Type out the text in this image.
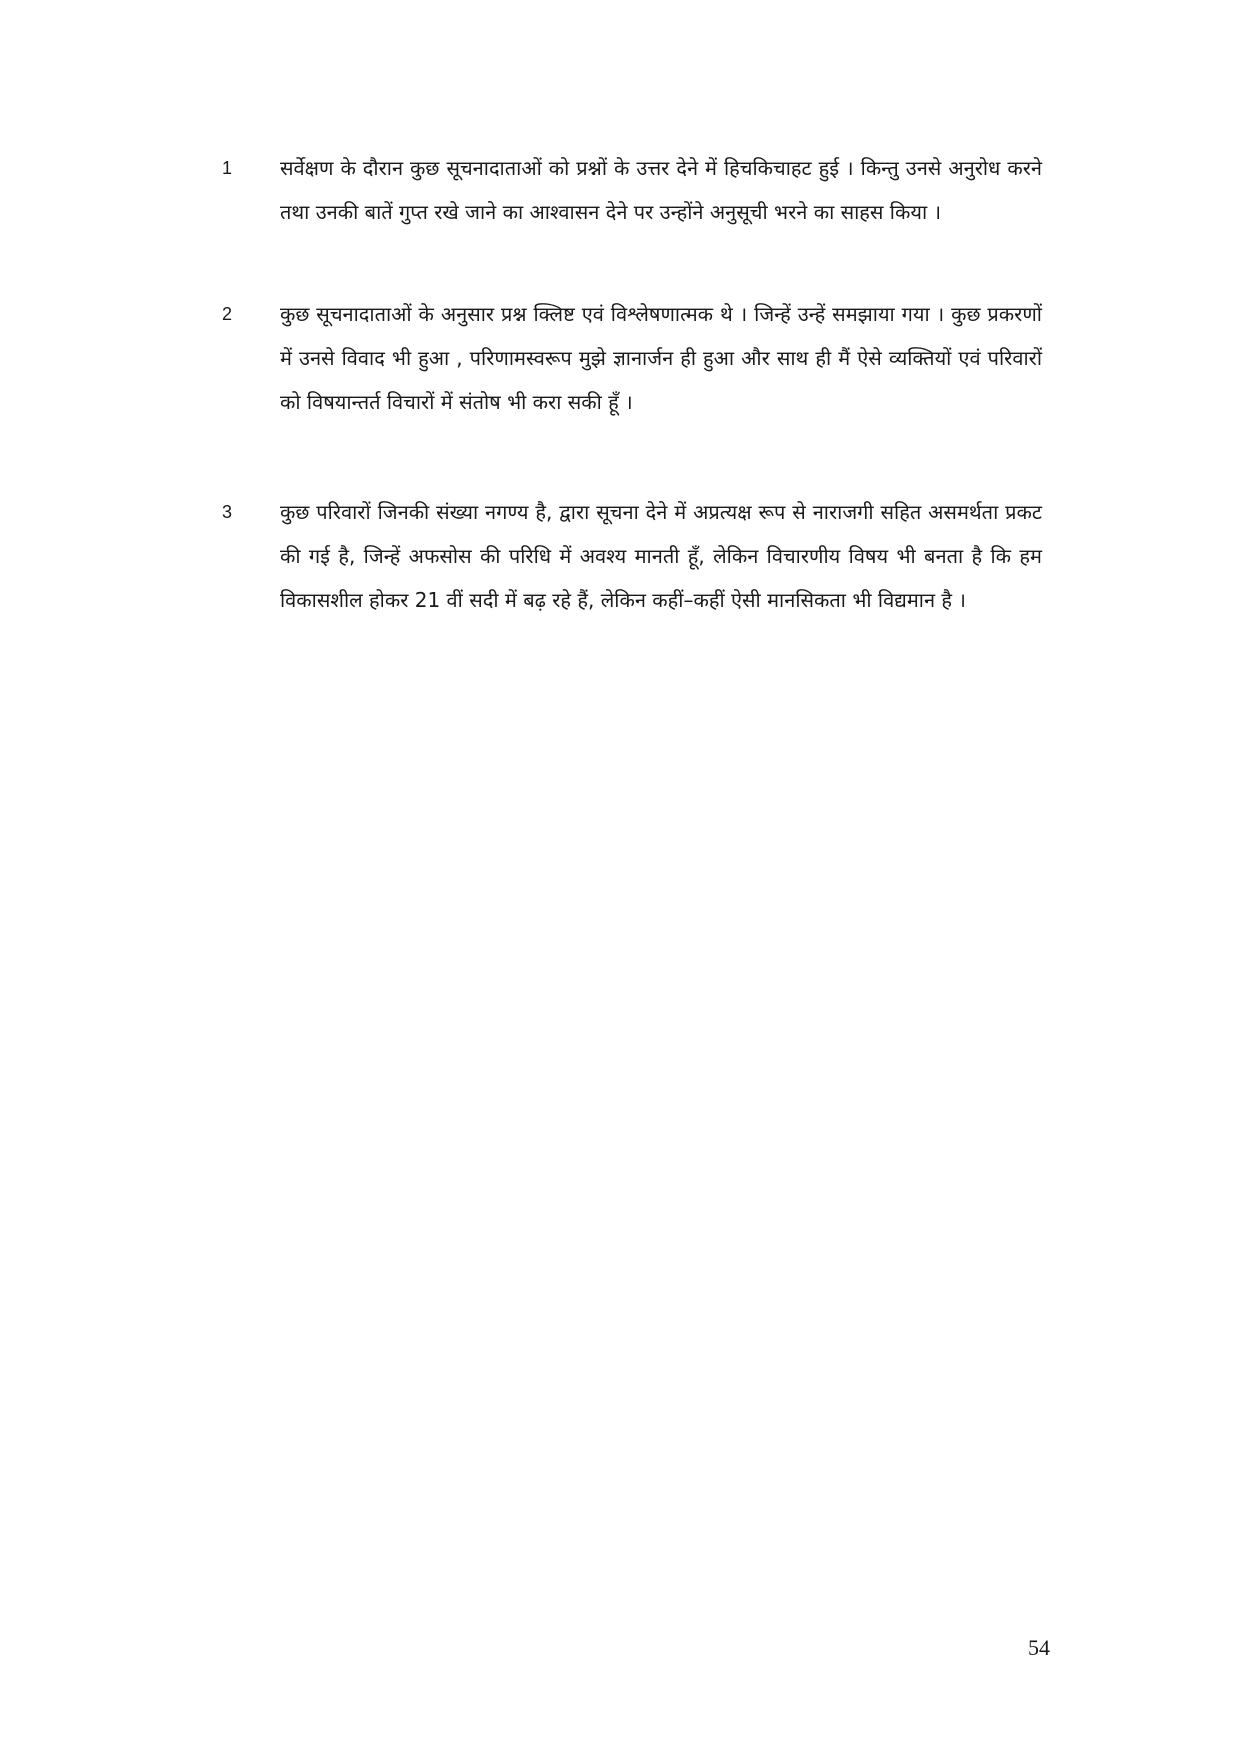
1	सर्वेक्षण के दौरान कुछ सूचनादाताओं को प्रश्नों के उत्तर देने में हिचकिचाहट हुई । किन्तु उनसे अनुरोध करने तथा उनकी बातें गुप्त रखे जाने का आश्वासन देने पर उन्होंने अनुसूची भरने का साहस किया ।

2	कुछ सूचनादाताओं के अनुसार प्रश्न क्लिष्ट एवं विश्लेषणात्मक थे । जिन्हें उन्हें समझाया गया । कुछ प्रकरणों में उनसे विवाद भी हुआ , परिणामस्वरूप मुझे ज्ञानार्जन ही हुआ और साथ ही मैं ऐसे व्यक्तियों एवं परिवारों को विषयान्तर्त विचारों में संतोष भी करा सकी हूँ ।

3	कुछ परिवारों जिनकी संख्या नगण्य है, द्वारा सूचना देने में अप्रत्यक्ष रूप से नाराजगी सहित असमर्थता प्रकट की गई है, जिन्हें अफसोस की परिधि में अवश्य मानती हूँ, लेकिन विचारणीय विषय भी बनता है कि हम विकासशील होकर 21 वीं सदी में बढ़ रहे हैं, लेकिन कहीं–कहीं ऐसी मानसिकता भी विद्यमान है ।

54
